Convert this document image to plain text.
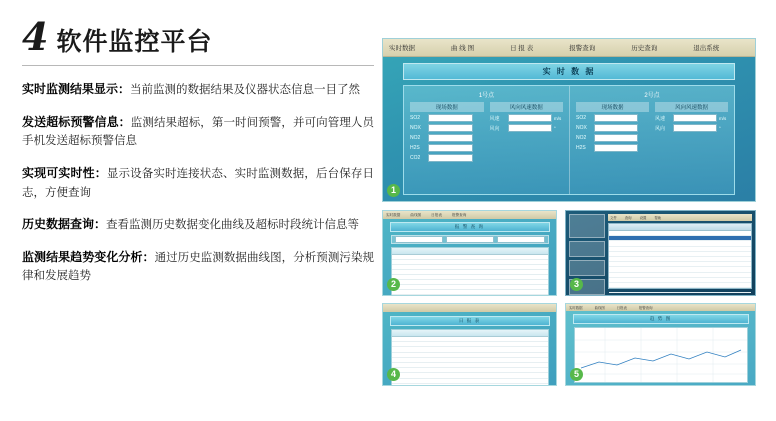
4 软件监控平台
实时监测结果显示：当前监测的数据结果及仪器状态信息一目了然
发送超标预警信息：监测结果超标，第一时间预警，并可向管理人员手机发送超标预警信息
实现可实时性：显示设备实时连接状态、实时监测数据，后台保存日志，方便查询
历史数据查询：查看监测历史数据变化曲线及超标时段统计信息等
监测结果趋势变化分析：通过历史监测数据曲线图，分析预测污染规律和发展趋势
实时数据	曲 线 图	日 报 表	报警查询	历史查询	退出系统
实 时 数 据
1号点
现场数据
SO2
NOX
NO2
H2S
CO2
风向风速数据
风速	m/s
风向	°
2号点
现场数据
SO2
NOX
NO2
H2S
风向风速数据
风速	m/s
风向	°
1
实时数据	曲线图	日报表	报警查询
报 警 查 询
2
文件 查询 设置 帮助
3
日 报 表
4
实时数据	曲线图	日报表	报警查询
趋 势 图
5
